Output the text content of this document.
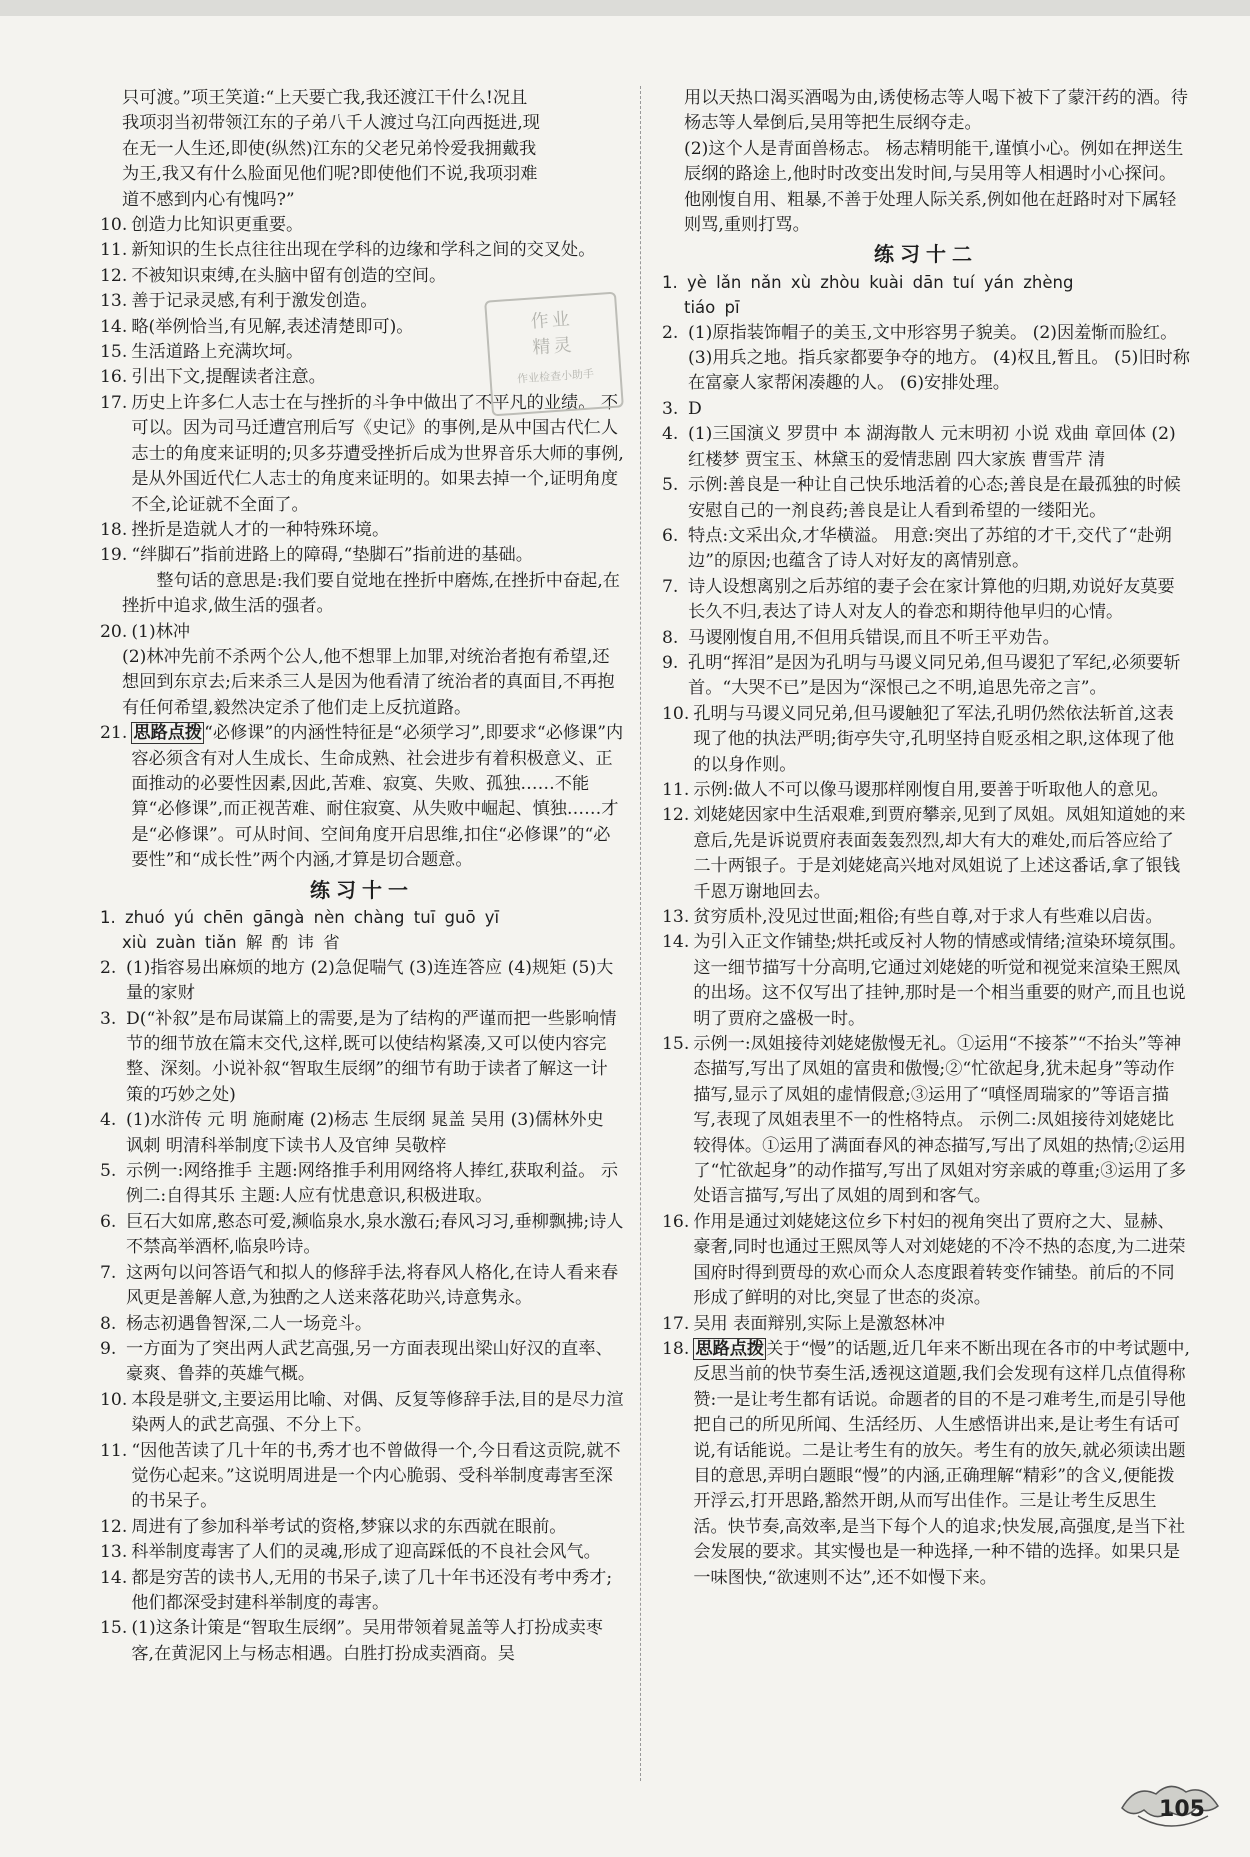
只可渡。”项王笑道:“上天要亡我,我还渡江干什么!况且
我项羽当初带领江东的子弟八千人渡过乌江向西挺进,现
在无一人生还,即使(纵然)江东的父老兄弟怜爱我拥戴我
为王,我又有什么脸面见他们呢?即使他们不说,我项羽难
道不感到内心有愧吗?”
10. 创造力比知识更重要。
11. 新知识的生长点往往出现在学科的边缘和学科之间的交叉处。
12. 不被知识束缚,在头脑中留有创造的空间。
13. 善于记录灵感,有利于激发创造。
14. 略(举例恰当,有见解,表述清楚即可)。
15. 生活道路上充满坎坷。
16. 引出下文,提醒读者注意。
17. 历史上许多仁人志士在与挫折的斗争中做出了不平凡的业绩。 不可以。因为司马迁遭宫刑后写《史记》的事例,是从中国古代仁人志士的角度来证明的;贝多芬遭受挫折后成为世界音乐大师的事例,是从外国近代仁人志士的角度来证明的。如果去掉一个,证明角度不全,论证就不全面了。
18. 挫折是造就人才的一种特殊环境。
19. “绊脚石”指前进路上的障碍,“垫脚石”指前进的基础。
整句话的意思是:我们要自觉地在挫折中磨炼,在挫折中奋起,在挫折中追求,做生活的强者。
20. (1)林冲
(2)林冲先前不杀两个公人,他不想罪上加罪,对统治者抱有希望,还想回到东京去;后来杀三人是因为他看清了统治者的真面目,不再抱有任何希望,毅然决定杀了他们走上反抗道路。
21. 思路点拨 “必修课”的内涵性特征是“必须学习”,即要求“必修课”内容必须含有对人生成长、生命成熟、社会进步有着积极意义、正面推动的必要性因素,因此,苦难、寂寞、失败、孤独……不能算“必修课”,而正视苦难、耐住寂寞、从失败中崛起、慎独……才是“必修课”。可从时间、空间角度开启思维,扣住“必修课”的“必要性”和“成长性”两个内涵,才算是切合题意。
练习十一
1. zhuó yú chēn gāngà nèn chàng tuī guō yī
xiù zuàn tiǎn 解 酌 讳 省
2. (1)指容易出麻烦的地方 (2)急促喘气 (3)连连答应 (4)规矩 (5)大量的家财
3. D(“补叙”是布局谋篇上的需要,是为了结构的严谨而把一些影响情节的细节放在篇末交代,这样,既可以使结构紧凑,又可以使内容完整、深刻。小说补叙“智取生辰纲”的细节有助于读者了解这一计策的巧妙之处)
4. (1)水浒传 元 明 施耐庵 (2)杨志 生辰纲 晁盖 吴用 (3)儒林外史 讽刺 明清科举制度下读书人及官绅 吴敬梓
5. 示例一:网络推手 主题:网络推手利用网络将人捧红,获取利益。 示例二:自得其乐 主题:人应有忧患意识,积极进取。
6. 巨石大如席,憨态可爱,濒临泉水,泉水激石;春风习习,垂柳飘拂;诗人不禁高举酒杯,临泉吟诗。
7. 这两句以问答语气和拟人的修辞手法,将春风人格化,在诗人看来春风更是善解人意,为独酌之人送来落花助兴,诗意隽永。
8. 杨志初遇鲁智深,二人一场竞斗。
9. 一方面为了突出两人武艺高强,另一方面表现出梁山好汉的直率、豪爽、鲁莽的英雄气概。
10. 本段是骈文,主要运用比喻、对偶、反复等修辞手法,目的是尽力渲染两人的武艺高强、不分上下。
11. “因他苦读了几十年的书,秀才也不曾做得一个,今日看这贡院,就不觉伤心起来。”这说明周进是一个内心脆弱、受科举制度毒害至深的书呆子。
12. 周进有了参加科举考试的资格,梦寐以求的东西就在眼前。
13. 科举制度毒害了人们的灵魂,形成了迎高踩低的不良社会风气。
14. 都是穷苦的读书人,无用的书呆子,读了几十年书还没有考中秀才;他们都深受封建科举制度的毒害。
15. (1)这条计策是“智取生辰纲”。吴用带领着晁盖等人打扮成卖枣客,在黄泥冈上与杨志相遇。白胜打扮成卖酒商。吴
用以天热口渴买酒喝为由,诱使杨志等人喝下被下了蒙汗药的酒。待杨志等人晕倒后,吴用等把生辰纲夺走。
(2)这个人是青面兽杨志。 杨志精明能干,谨慎小心。例如在押送生辰纲的路途上,他时时改变出发时间,与吴用等人相遇时小心探问。他刚愎自用、粗暴,不善于处理人际关系,例如他在赶路时对下属轻则骂,重则打骂。
练习十二
1. yè lǎn nǎn xù zhòu kuài dān tuí yán zhèng
tiáo pī
2. (1)原指装饰帽子的美玉,文中形容男子貌美。 (2)因羞惭而脸红。 (3)用兵之地。指兵家都要争夺的地方。 (4)权且,暂且。 (5)旧时称在富豪人家帮闲凑趣的人。 (6)安排处理。
3. D
4. (1)三国演义 罗贯中 本 湖海散人 元末明初 小说 戏曲 章回体 (2)红楼梦 贾宝玉、林黛玉的爱情悲剧 四大家族 曹雪芹 清
5. 示例:善良是一种让自己快乐地活着的心态;善良是在最孤独的时候安慰自己的一剂良药;善良是让人看到希望的一缕阳光。
6. 特点:文采出众,才华横溢。 用意:突出了苏绾的才干,交代了“赴朔边”的原因;也蕴含了诗人对好友的离情别意。
7. 诗人设想离别之后苏绾的妻子会在家计算他的归期,劝说好友莫要长久不归,表达了诗人对友人的眷恋和期待他早归的心情。
8. 马谡刚愎自用,不但用兵错误,而且不听王平劝告。
9. 孔明“挥泪”是因为孔明与马谡义同兄弟,但马谡犯了军纪,必须要斩首。“大哭不已”是因为“深恨己之不明,追思先帝之言”。
10. 孔明与马谡义同兄弟,但马谡触犯了军法,孔明仍然依法斩首,这表现了他的执法严明;街亭失守,孔明坚持自贬丞相之职,这体现了他的以身作则。
11. 示例:做人不可以像马谡那样刚愎自用,要善于听取他人的意见。
12. 刘姥姥因家中生活艰难,到贾府攀亲,见到了凤姐。凤姐知道她的来意后,先是诉说贾府表面轰轰烈烈,却大有大的难处,而后答应给了二十两银子。于是刘姥姥高兴地对凤姐说了上述这番话,拿了银钱千恩万谢地回去。
13. 贫穷质朴,没见过世面;粗俗;有些自尊,对于求人有些难以启齿。
14. 为引入正文作铺垫;烘托或反衬人物的情感或情绪;渲染环境氛围。这一细节描写十分高明,它通过刘姥姥的听觉和视觉来渲染王熙凤的出场。这不仅写出了挂钟,那时是一个相当重要的财产,而且也说明了贾府之盛极一时。
15. 示例一:凤姐接待刘姥姥傲慢无礼。①运用“不接茶”“不抬头”等神态描写,写出了凤姐的富贵和傲慢;②“忙欲起身,犹未起身”等动作描写,显示了凤姐的虚情假意;③运用了“嗔怪周瑞家的”等语言描写,表现了凤姐表里不一的性格特点。 示例二:凤姐接待刘姥姥比较得体。①运用了满面春风的神态描写,写出了凤姐的热情;②运用了“忙欲起身”的动作描写,写出了凤姐对穷亲戚的尊重;③运用了多处语言描写,写出了凤姐的周到和客气。
16. 作用是通过刘姥姥这位乡下村妇的视角突出了贾府之大、显赫、豪奢,同时也通过王熙凤等人对刘姥姥的不冷不热的态度,为二进荣国府时得到贾母的欢心而众人态度跟着转变作铺垫。前后的不同形成了鲜明的对比,突显了世态的炎凉。
17. 吴用 表面辩别,实际上是激怒林冲
18. 思路点拨 关于“慢”的话题,近几年来不断出现在各市的中考试题中,反思当前的快节奏生活,透视这道题,我们会发现有这样几点值得称赞:一是让考生都有话说。命题者的目的不是刁难考生,而是引导他把自己的所见所闻、生活经历、人生感悟讲出来,是让考生有话可说,有话能说。二是让考生有的放矢。考生有的放矢,就必须读出题目的意思,弄明白题眼“慢”的内涵,正确理解“精彩”的含义,便能拨开浮云,打开思路,豁然开朗,从而写出佳作。三是让考生反思生活。快节奏,高效率,是当下每个人的追求;快发展,高强度,是当下社会发展的要求。其实慢也是一种选择,一种不错的选择。如果只是一味图快,“欲速则不达”,还不如慢下来。
作业
精灵
作业检查小助手
105
